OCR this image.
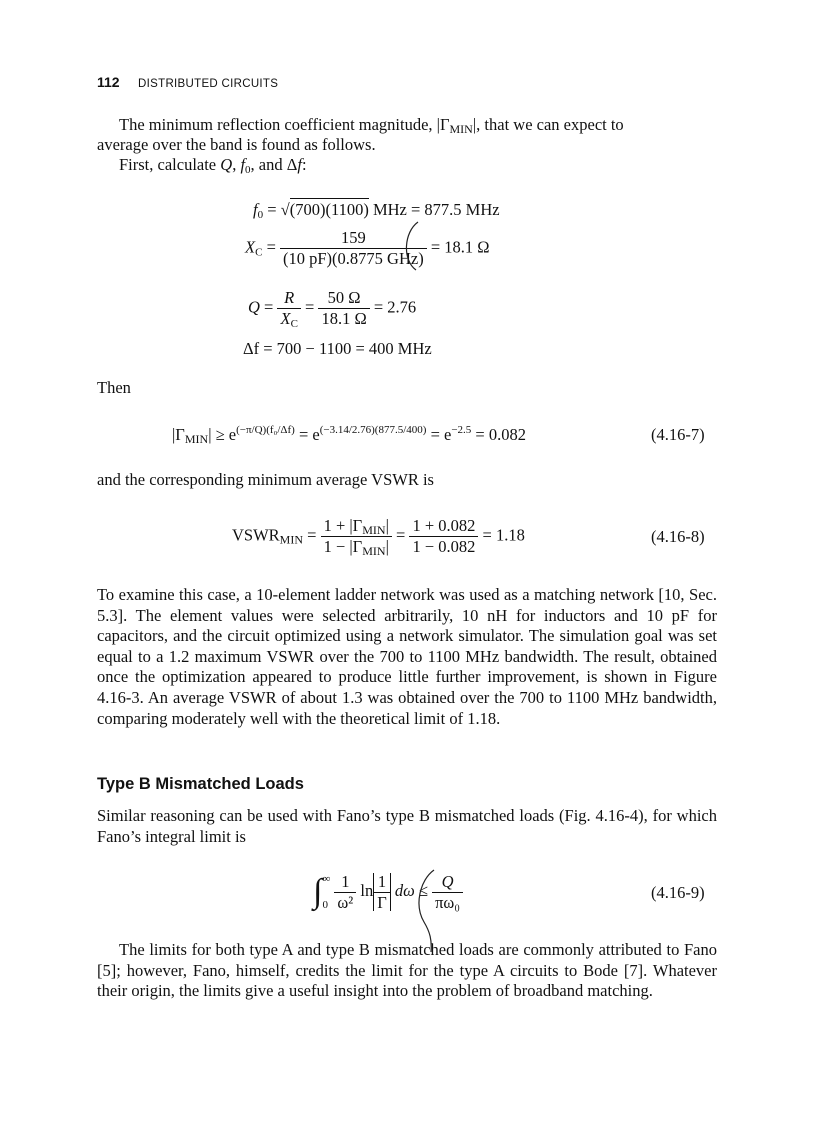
112 DISTRIBUTED CIRCUITS
The minimum reflection coefficient magnitude, $|\Gamma_{MIN}|$, that we can expect to
average over the band is found as follows.
First, calculate Q, $f_0$, and Δf:
$f_0 = √(700)(1100)$ MHz = 877.5 MHz
$X_C = \frac{159}{\text{(10 pF)(0.8775 GHz)}} = 18.1$ Ω
$Q = \frac{R}{X_C} = \frac{50 \Omega}{18.1 \Omega} = 2.76$
Δf = 700 − 1100 = 400 MHz
Then
$|\Gamma_{MIN}| \ge e^{(-\pi/Q)(f_0/\Delta f)} = e^{(-3.14/2.76)(877.5/400)} = e^{-2.5} = 0.082$	(4.16-7)
and the corresponding minimum average VSWR is
$VSWR_{MIN} = \frac{1 + |\Gamma_{MIN}|}{1 - |\Gamma_{MIN}|} = \frac{1 + 0.082}{1 - 0.082} = 1.18$	(4.16-8)
To examine this case, a 10-element ladder network was used as a matching network [10, Sec. 5.3]. The element values were selected arbitrarily, 10 nH for inductors and 10 pF for capacitors, and the circuit optimized using a network simulator. The simulation goal was set equal to a 1.2 maximum VSWR over the 700 to 1100 MHz bandwidth. The result, obtained once the optimization appeared to produce little further improvement, is shown in Figure 4.16-3. An average VSWR of about 1.3 was obtained over the 700 to 1100 MHz bandwidth, comparing moderately well with the theoretical limit of 1.18.
Type B Mismatched Loads
Similar reasoning can be used with Fano’s type B mismatched loads (Fig. 4.16-4), for which Fano’s integral limit is
∫ ∞
0
$\frac{1}{\text{ω²}}$ $\ln \frac{1}{\Gamma}$ $d\omega \le \frac{Q}{\text{πω₀}}$	(4.16-9)
The limits for both type A and type B mismatched loads are commonly attributed to Fano [5]; however, Fano, himself, credits the limit for the type A circuits to Bode [7]. Whatever their origin, the limits give a useful insight into the problem of broadband matching.
